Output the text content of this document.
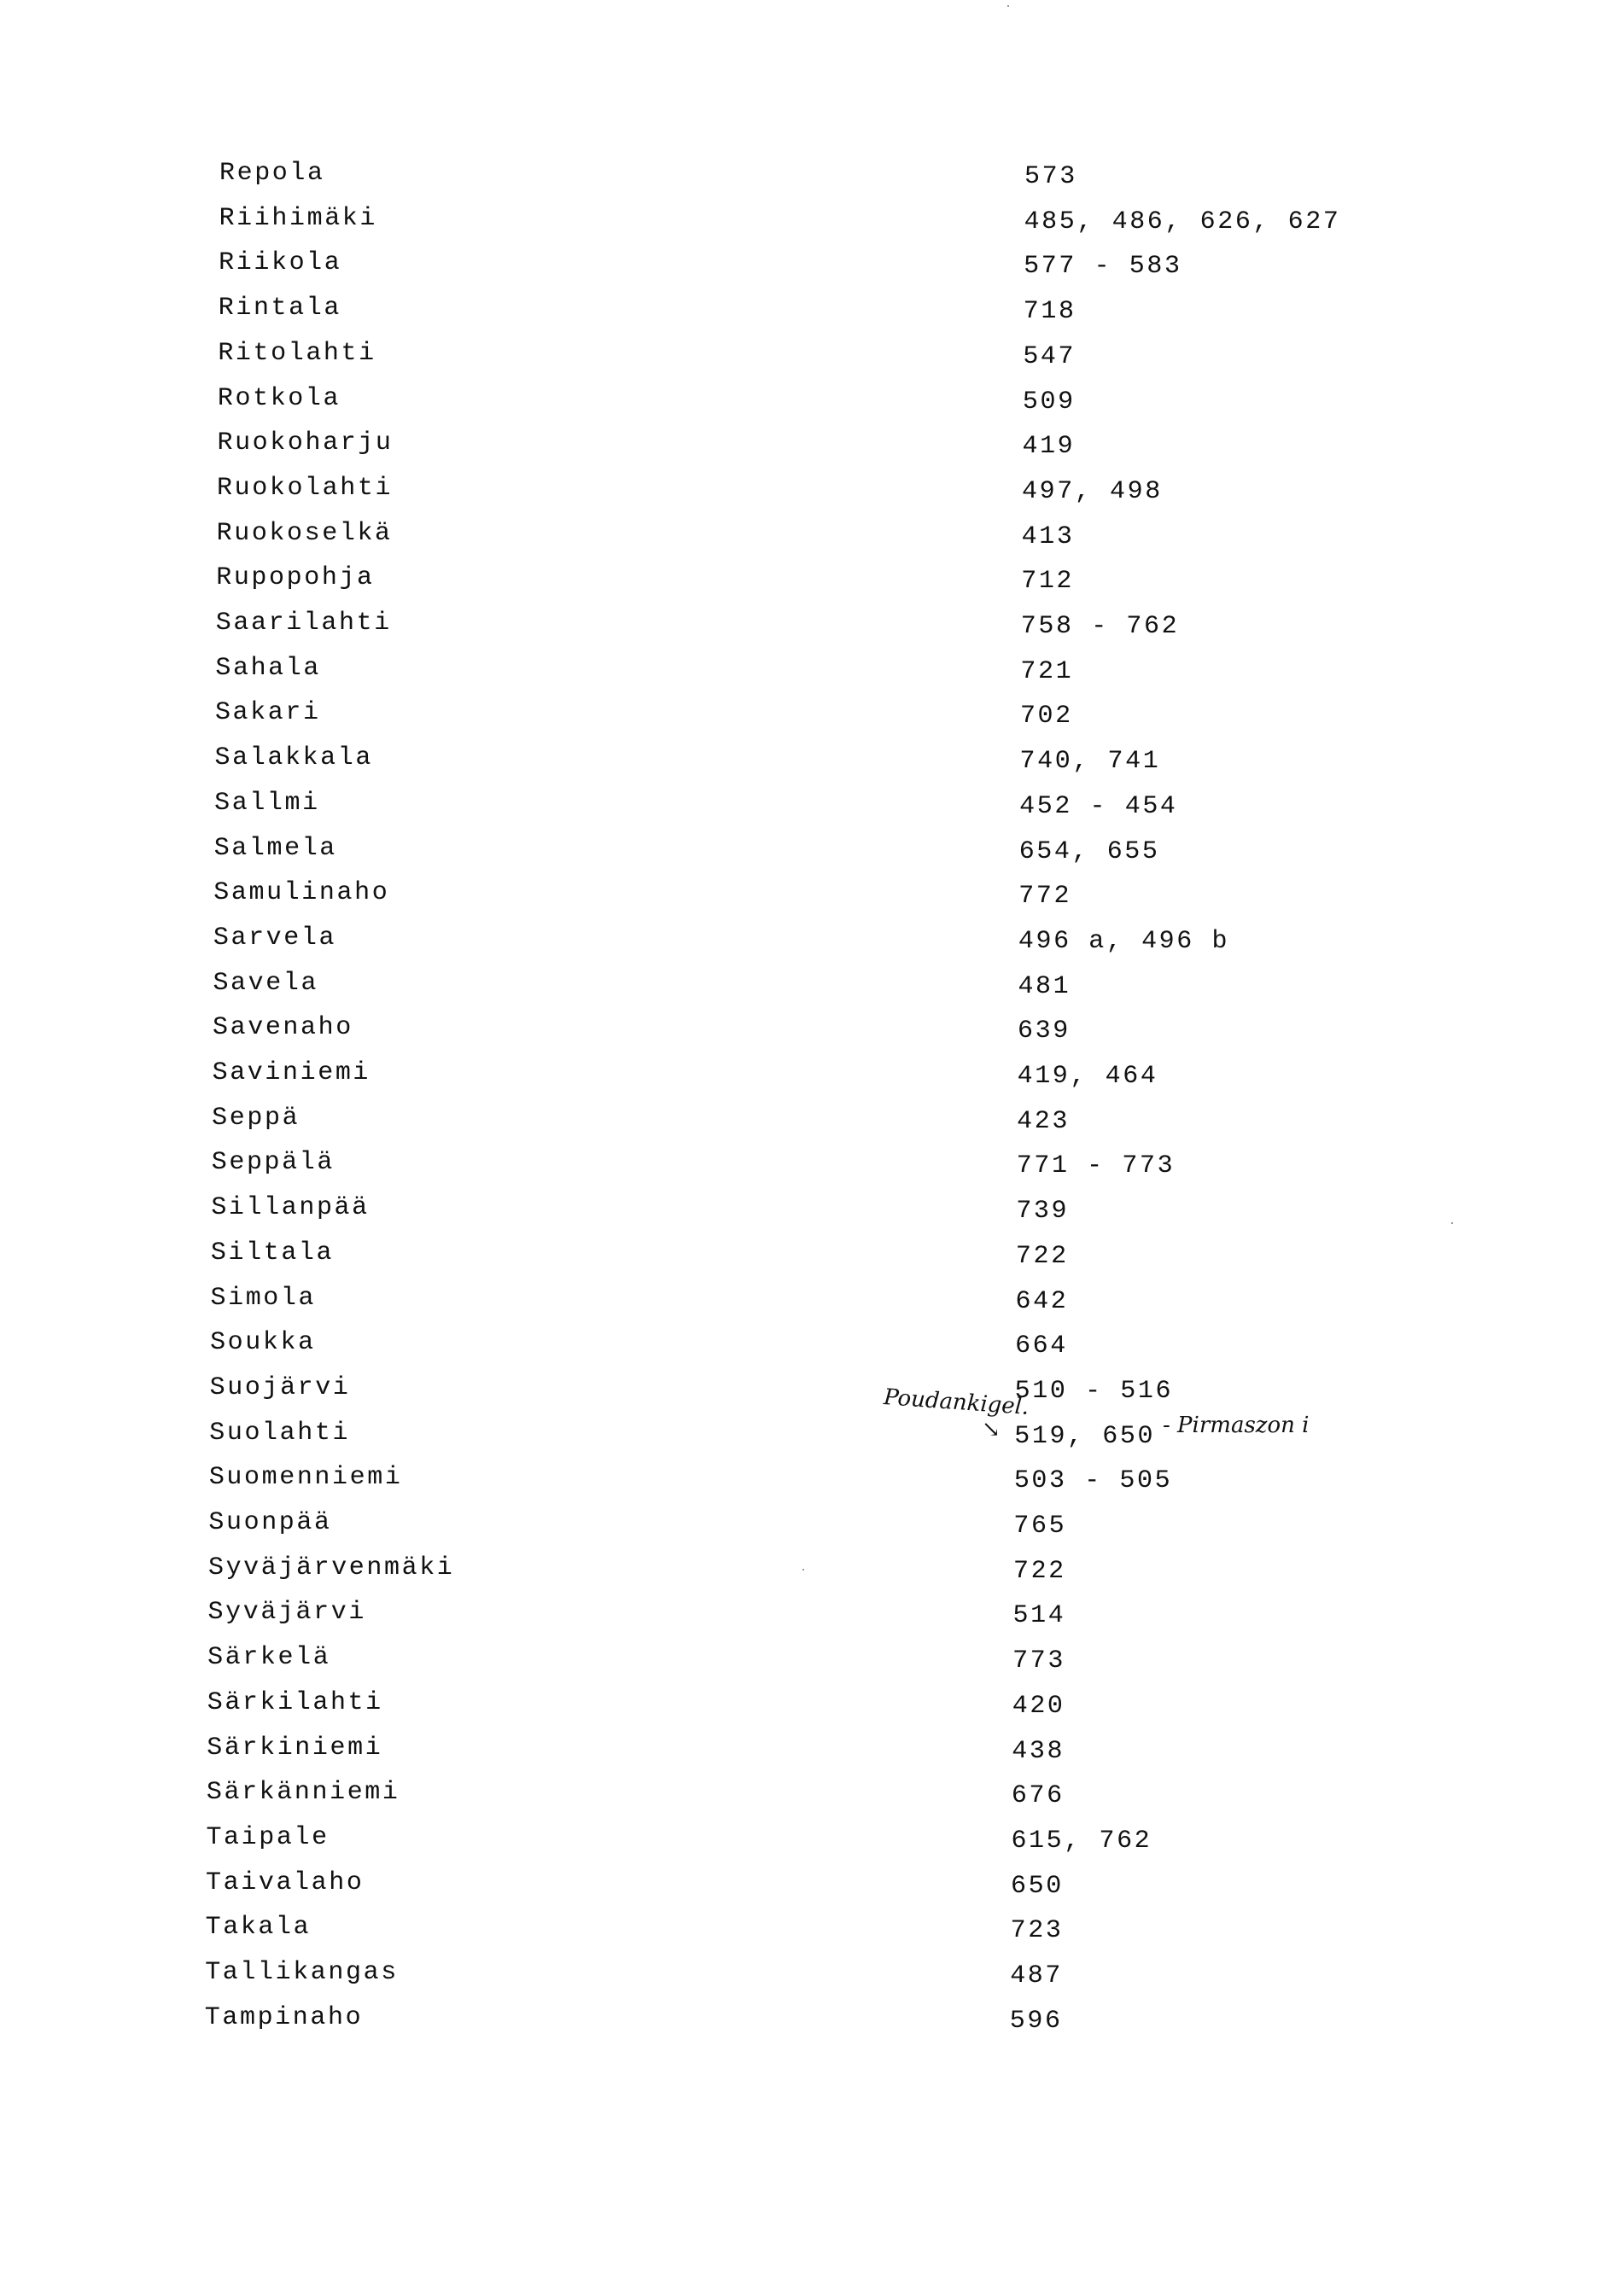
Repola	573
Riihimäki	485, 486, 626, 627
Riikola	577 - 583
Rintala	718
Ritolahti	547
Rotkola	509
Ruokoharju	419
Ruokolahti	497, 498
Ruokoselkä	413
Rupopohja	712
Saarilahti	758 - 762
Sahala	721
Sakari	702
Salakkala	740, 741
Sallmi	452 - 454
Salmela	654, 655
Samulinaho	772
Sarvela	496 a, 496 b
Savela	481
Savenaho	639
Saviniemi	419, 464
Seppä	423
Seppälä	771 - 773
Sillanpää	739
Siltala	722
Simola	642
Soukka	664
Suojärvi	510 - 516
Suolahti	519, 650
Suomenniemi	503 - 505
Suonpää	765
Syväjärvenmäki	722
Syväjärvi	514
Särkelä	773
Särkilahti	420
Särkiniemi	438
Särkänniemi	676
Taipale	615, 762
Taivalaho	650
Takala	723
Tallikangas	487
Tampinaho	596
Poudankigel.
↘	- Pirmaszon i
